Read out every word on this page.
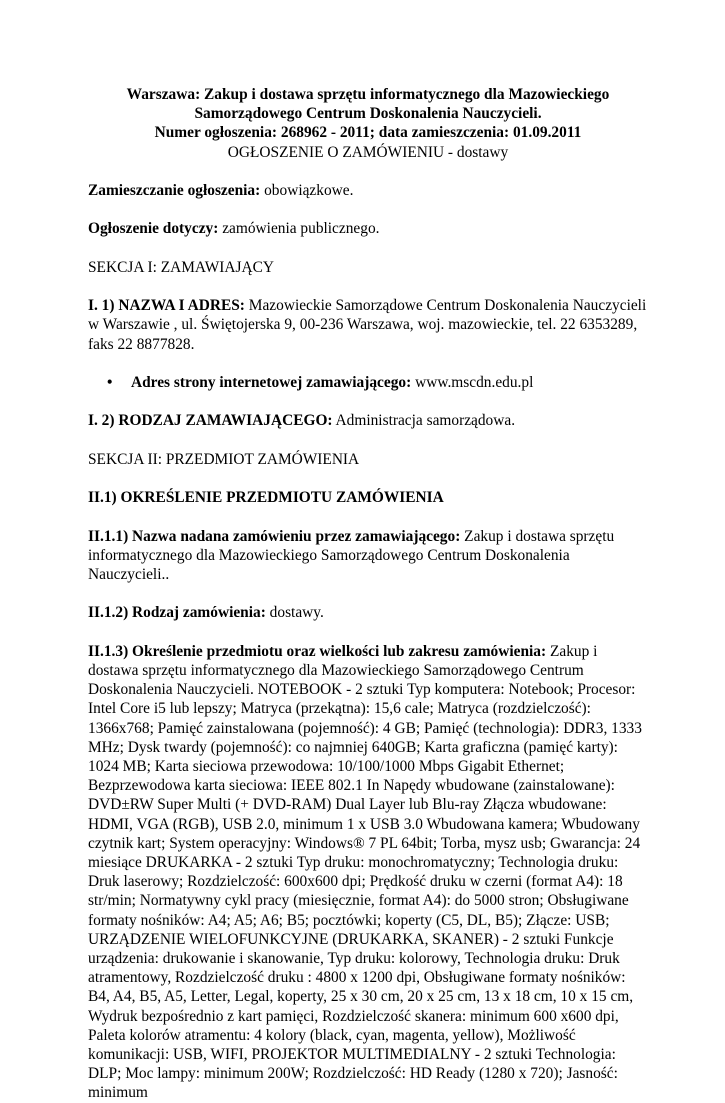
Warszawa: Zakup i dostawa sprzętu informatycznego dla Mazowieckiego

Samorządowego Centrum Doskonalenia Nauczycieli.

Numer ogłoszenia: 268962 - 2011; data zamieszczenia: 01.09.2011

OGŁOSZENIE O ZAMÓWIENIU - dostawy

Zamieszczanie ogłoszenia: obowiązkowe.

Ogłoszenie dotyczy: zamówienia publicznego.

SEKCJA I: ZAMAWIAJĄCY

I. 1) NAZWA I ADRES: Mazowieckie Samorządowe Centrum Doskonalenia Nauczycieli w Warszawie , ul. Świętojerska 9, 00-236 Warszawa, woj. mazowieckie, tel. 22 6353289, faks 22 8877828.

• Adres strony internetowej zamawiającego: www.mscdn.edu.pl

I. 2) RODZAJ ZAMAWIAJĄCEGO: Administracja samorządowa.

SEKCJA II: PRZEDMIOT ZAMÓWIENIA

II.1) OKREŚLENIE PRZEDMIOTU ZAMÓWIENIA

II.1.1) Nazwa nadana zamówieniu przez zamawiającego: Zakup i dostawa sprzętu informatycznego dla Mazowieckiego Samorządowego Centrum Doskonalenia Nauczycieli..

II.1.2) Rodzaj zamówienia: dostawy.

II.1.3) Określenie przedmiotu oraz wielkości lub zakresu zamówienia: Zakup i dostawa sprzętu informatycznego dla Mazowieckiego Samorządowego Centrum Doskonalenia Nauczycieli. NOTEBOOK - 2 sztuki Typ komputera: Notebook; Procesor: Intel Core i5 lub lepszy; Matryca (przekątna): 15,6 cale; Matryca (rozdzielczość): 1366x768; Pamięć zainstalowana (pojemność): 4 GB; Pamięć (technologia): DDR3, 1333 MHz; Dysk twardy (pojemność): co najmniej 640GB; Karta graficzna (pamięć karty): 1024 MB; Karta sieciowa przewodowa: 10/100/1000 Mbps Gigabit Ethernet; Bezprzewodowa karta sieciowa: IEEE 802.1 In Napędy wbudowane (zainstalowane): DVD±RW Super Multi (+ DVD-RAM) Dual Layer lub Blu-ray Złącza wbudowane: HDMI, VGA (RGB), USB 2.0, minimum 1 x USB 3.0 Wbudowana kamera; Wbudowany czytnik kart; System operacyjny: Windows® 7 PL 64bit; Torba, mysz usb; Gwarancja: 24 miesiące DRUKARKA - 2 sztuki Typ druku: monochromatyczny; Technologia druku: Druk laserowy; Rozdzielczość: 600x600 dpi; Prędkość druku w czerni (format A4): 18 str/min; Normatywny cykl pracy (miesięcznie, format A4): do 5000 stron; Obsługiwane formaty nośników: A4; A5; A6; B5; pocztówki; koperty (C5, DL, B5); Złącze: USB; URZĄDZENIE WIELOFUNKCYJNE (DRUKARKA, SKANER) - 2 sztuki Funkcje urządzenia: drukowanie i skanowanie, Typ druku: kolorowy, Technologia druku: Druk atramentowy, Rozdzielczość druku : 4800 x 1200 dpi, Obsługiwane formaty nośników: B4, A4, B5, A5, Letter, Legal, koperty, 25 x 30 cm, 20 x 25 cm, 13 x 18 cm, 10 x 15 cm, Wydruk bezpośrednio z kart pamięci, Rozdzielczość skanera: minimum 600 x600 dpi, Paleta kolorów atramentu: 4 kolory (black, cyan, magenta, yellow), Możliwość komunikacji: USB, WIFI, PROJEKTOR MULTIMEDIALNY - 2 sztuki Technologia: DLP; Moc lampy: minimum 200W; Rozdzielczość: HD Ready (1280 x 720); Jasność: minimum
